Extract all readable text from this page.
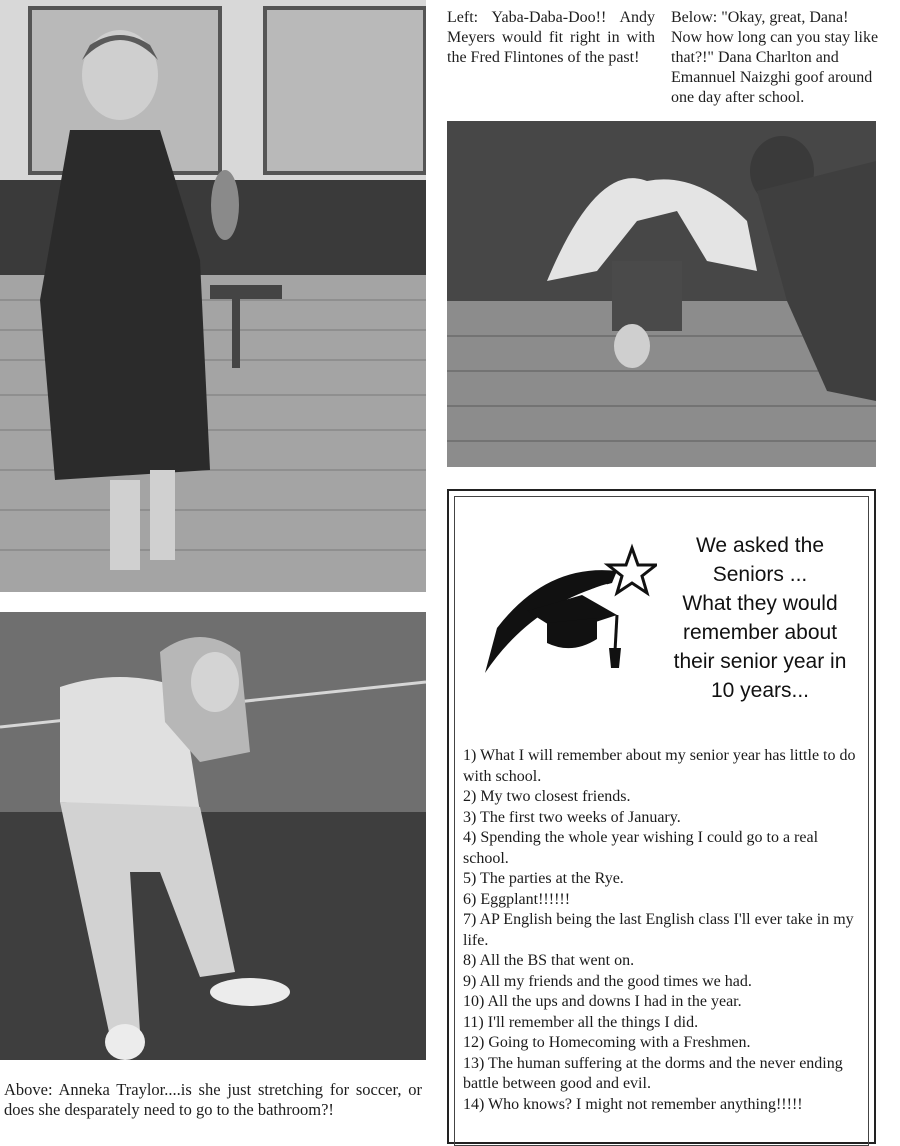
Left: Yaba-Daba-Doo!! Andy Meyers would fit right in with the Fred Flintones of the past!
Below: "Okay, great, Dana! Now how long can you stay like that?!" Dana Charlton and Emannuel Naizghi goof around one day after school.
Above: Anneka Traylor....is she just stretching for soccer, or does she desparately need to go to the bathroom?!
We asked the
Seniors ...
What they would
remember about
their senior year in
10 years...
1) What I will remember about my senior year has little to do with school.
2) My two closest friends.
3) The first two weeks of January.
4) Spending the whole year wishing I could go to a real school.
5) The parties at the Rye.
6) Eggplant!!!!!!
7) AP English being the last English class I'll ever take in my life.
8) All the BS that went on.
9) All my friends and the good times we had.
10) All the ups and downs I had in the year.
11) I'll remember all the things I did.
12) Going to Homecoming with a Freshmen.
13) The human suffering at the dorms and the never ending battle between good and evil.
14) Who knows? I might not remember anything!!!!!
